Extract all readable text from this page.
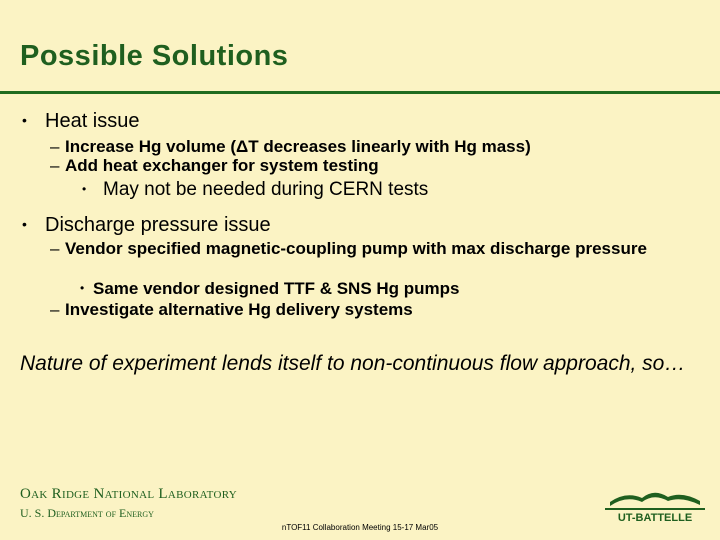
Possible Solutions
• Heat issue
– Increase Hg volume (ΔT decreases linearly with Hg mass)
– Add heat exchanger for system testing
• May not be needed during CERN tests
• Discharge pressure issue
– Vendor specified magnetic-coupling pump with max discharge pressure
• Same vendor designed TTF & SNS Hg pumps
– Investigate alternative Hg delivery systems
Nature of experiment lends itself to non-continuous flow approach, so…
Oak Ridge National Laboratory
U. S. Department of Energy	UT-BATTELLE
nTOF11 Collaboration Meeting 15-17 Mar05
